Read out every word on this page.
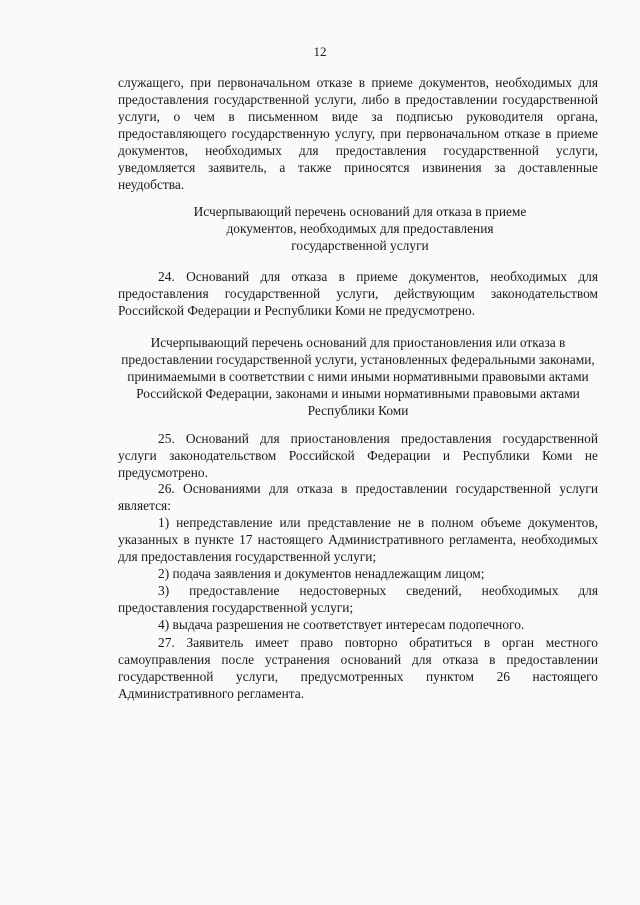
12

служащего, при первоначальном отказе в приеме документов, необходимых для предоставления государственной услуги, либо в предоставлении государственной услуги, о чем в письменном виде за подписью руководителя органа, предоставляющего государственную услугу, при первоначальном отказе в приеме документов, необходимых для предоставления государственной услуги, уведомляется заявитель, а также приносятся извинения за доставленные неудобства.

Исчерпывающий перечень оснований для отказа в приеме документов, необходимых для предоставления государственной услуги

24. Оснований для отказа в приеме документов, необходимых для предоставления государственной услуги, действующим законодательством Российской Федерации и Республики Коми не предусмотрено.

Исчерпывающий перечень оснований для приостановления или отказа в предоставлении государственной услуги, установленных федеральными законами, принимаемыми в соответствии с ними иными нормативными правовыми актами Российской Федерации, законами и иными нормативными правовыми актами Республики Коми

25. Оснований для приостановления предоставления государственной услуги законодательством Российской Федерации и Республики Коми не предусмотрено.

26. Основаниями для отказа в предоставлении государственной услуги является:

1) непредставление или представление не в полном объеме документов, указанных в пункте 17 настоящего Административного регламента, необходимых для предоставления государственной услуги;

2) подача заявления и документов ненадлежащим лицом;

3) предоставление недостоверных сведений, необходимых для предоставления государственной услуги;

4) выдача разрешения не соответствует интересам подопечного.

27. Заявитель имеет право повторно обратиться в орган местного самоуправления после устранения оснований для отказа в предоставлении государственной услуги, предусмотренных пунктом 26 настоящего Административного регламента.
